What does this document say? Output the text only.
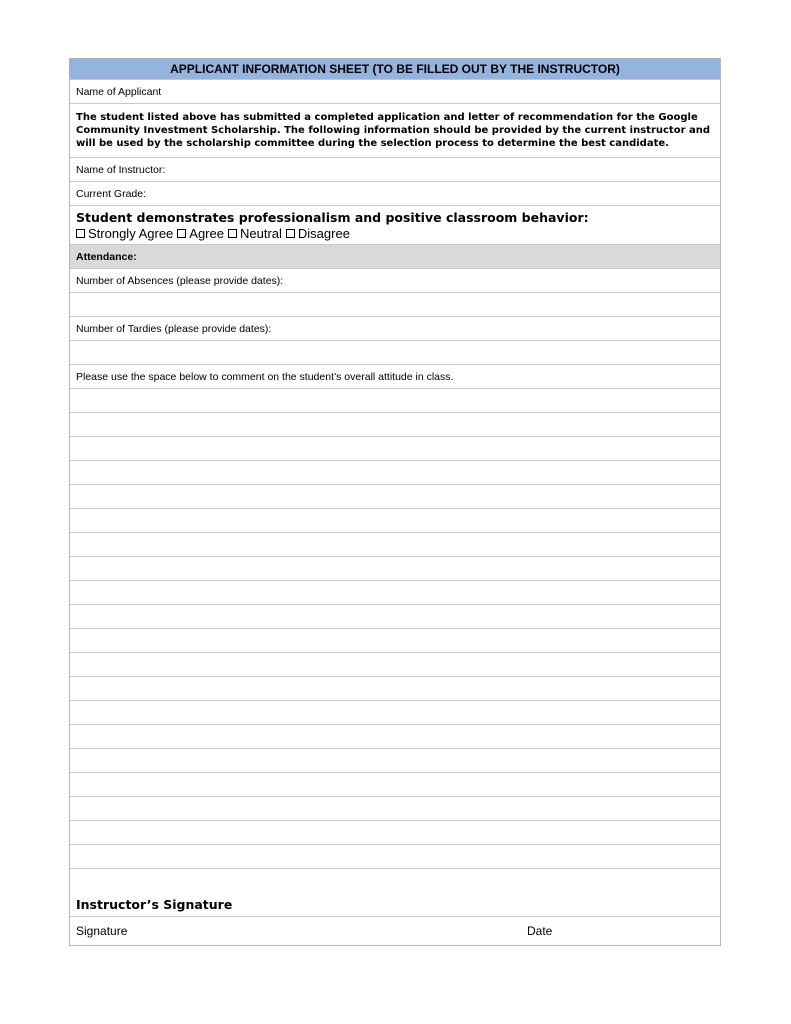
APPLICANT INFORMATION SHEET (TO BE FILLED OUT BY THE INSTRUCTOR)
Name of Applicant
The student listed above has submitted a completed application and letter of recommendation for the Google Community Investment Scholarship. The following information should be provided by the current instructor and will be used by the scholarship committee during the selection process to determine the best candidate.
Name of Instructor:
Current Grade:
Student demonstrates professionalism and positive classroom behavior:
Strongly Agree Agree Neutral Disagree
Attendance:
Number of Absences (please provide dates):
Number of Tardies (please provide dates):
Please use the space below to comment on the student’s overall attitude in class.
Instructor’s Signature
Signature	Date
